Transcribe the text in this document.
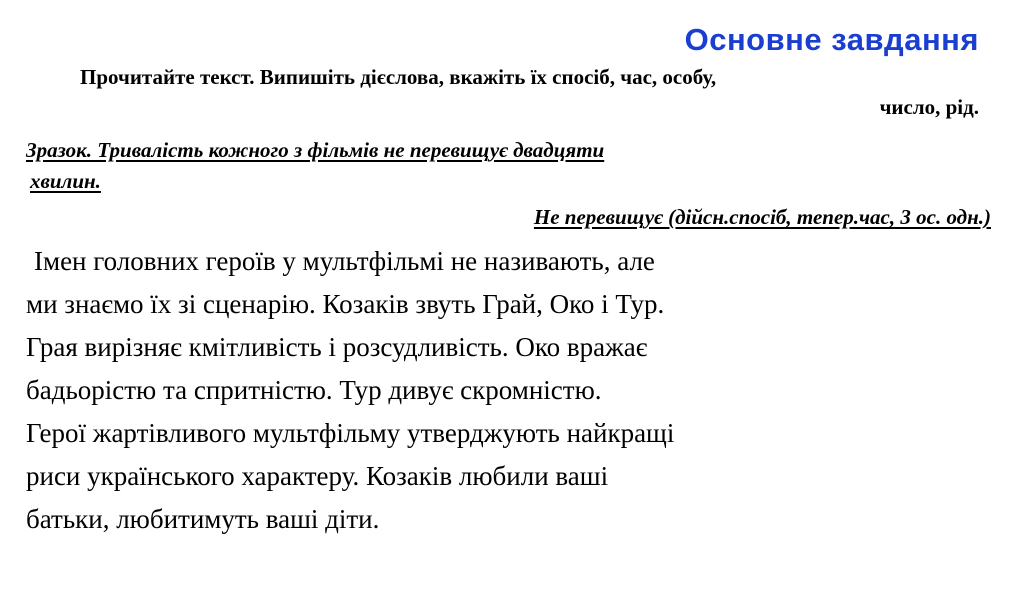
Основне завдання
Прочитайте текст. Випишіть дієслова, вкажіть їх спосіб, час, особу,
число, рід.
Зразок. Тривалість кожного з фільмів не перевищує двадцяти
хвилин.
Не перевищує (дійсн.спосіб, тепер.час, 3 ос. одн.)
Імен головних героїв у мультфільмі не називають, але
ми знаємо їх зі сценарію. Козаків звуть Грай, Око і Тур.
Грая вирізняє кмітливість і розсудливість. Око вражає
бадьорістю та спритністю. Тур дивує скромністю.
Герої жартівливого мультфільму утверджують найкращі
риси українського характеру. Козаків любили ваші
батьки, любитимуть ваші діти.
